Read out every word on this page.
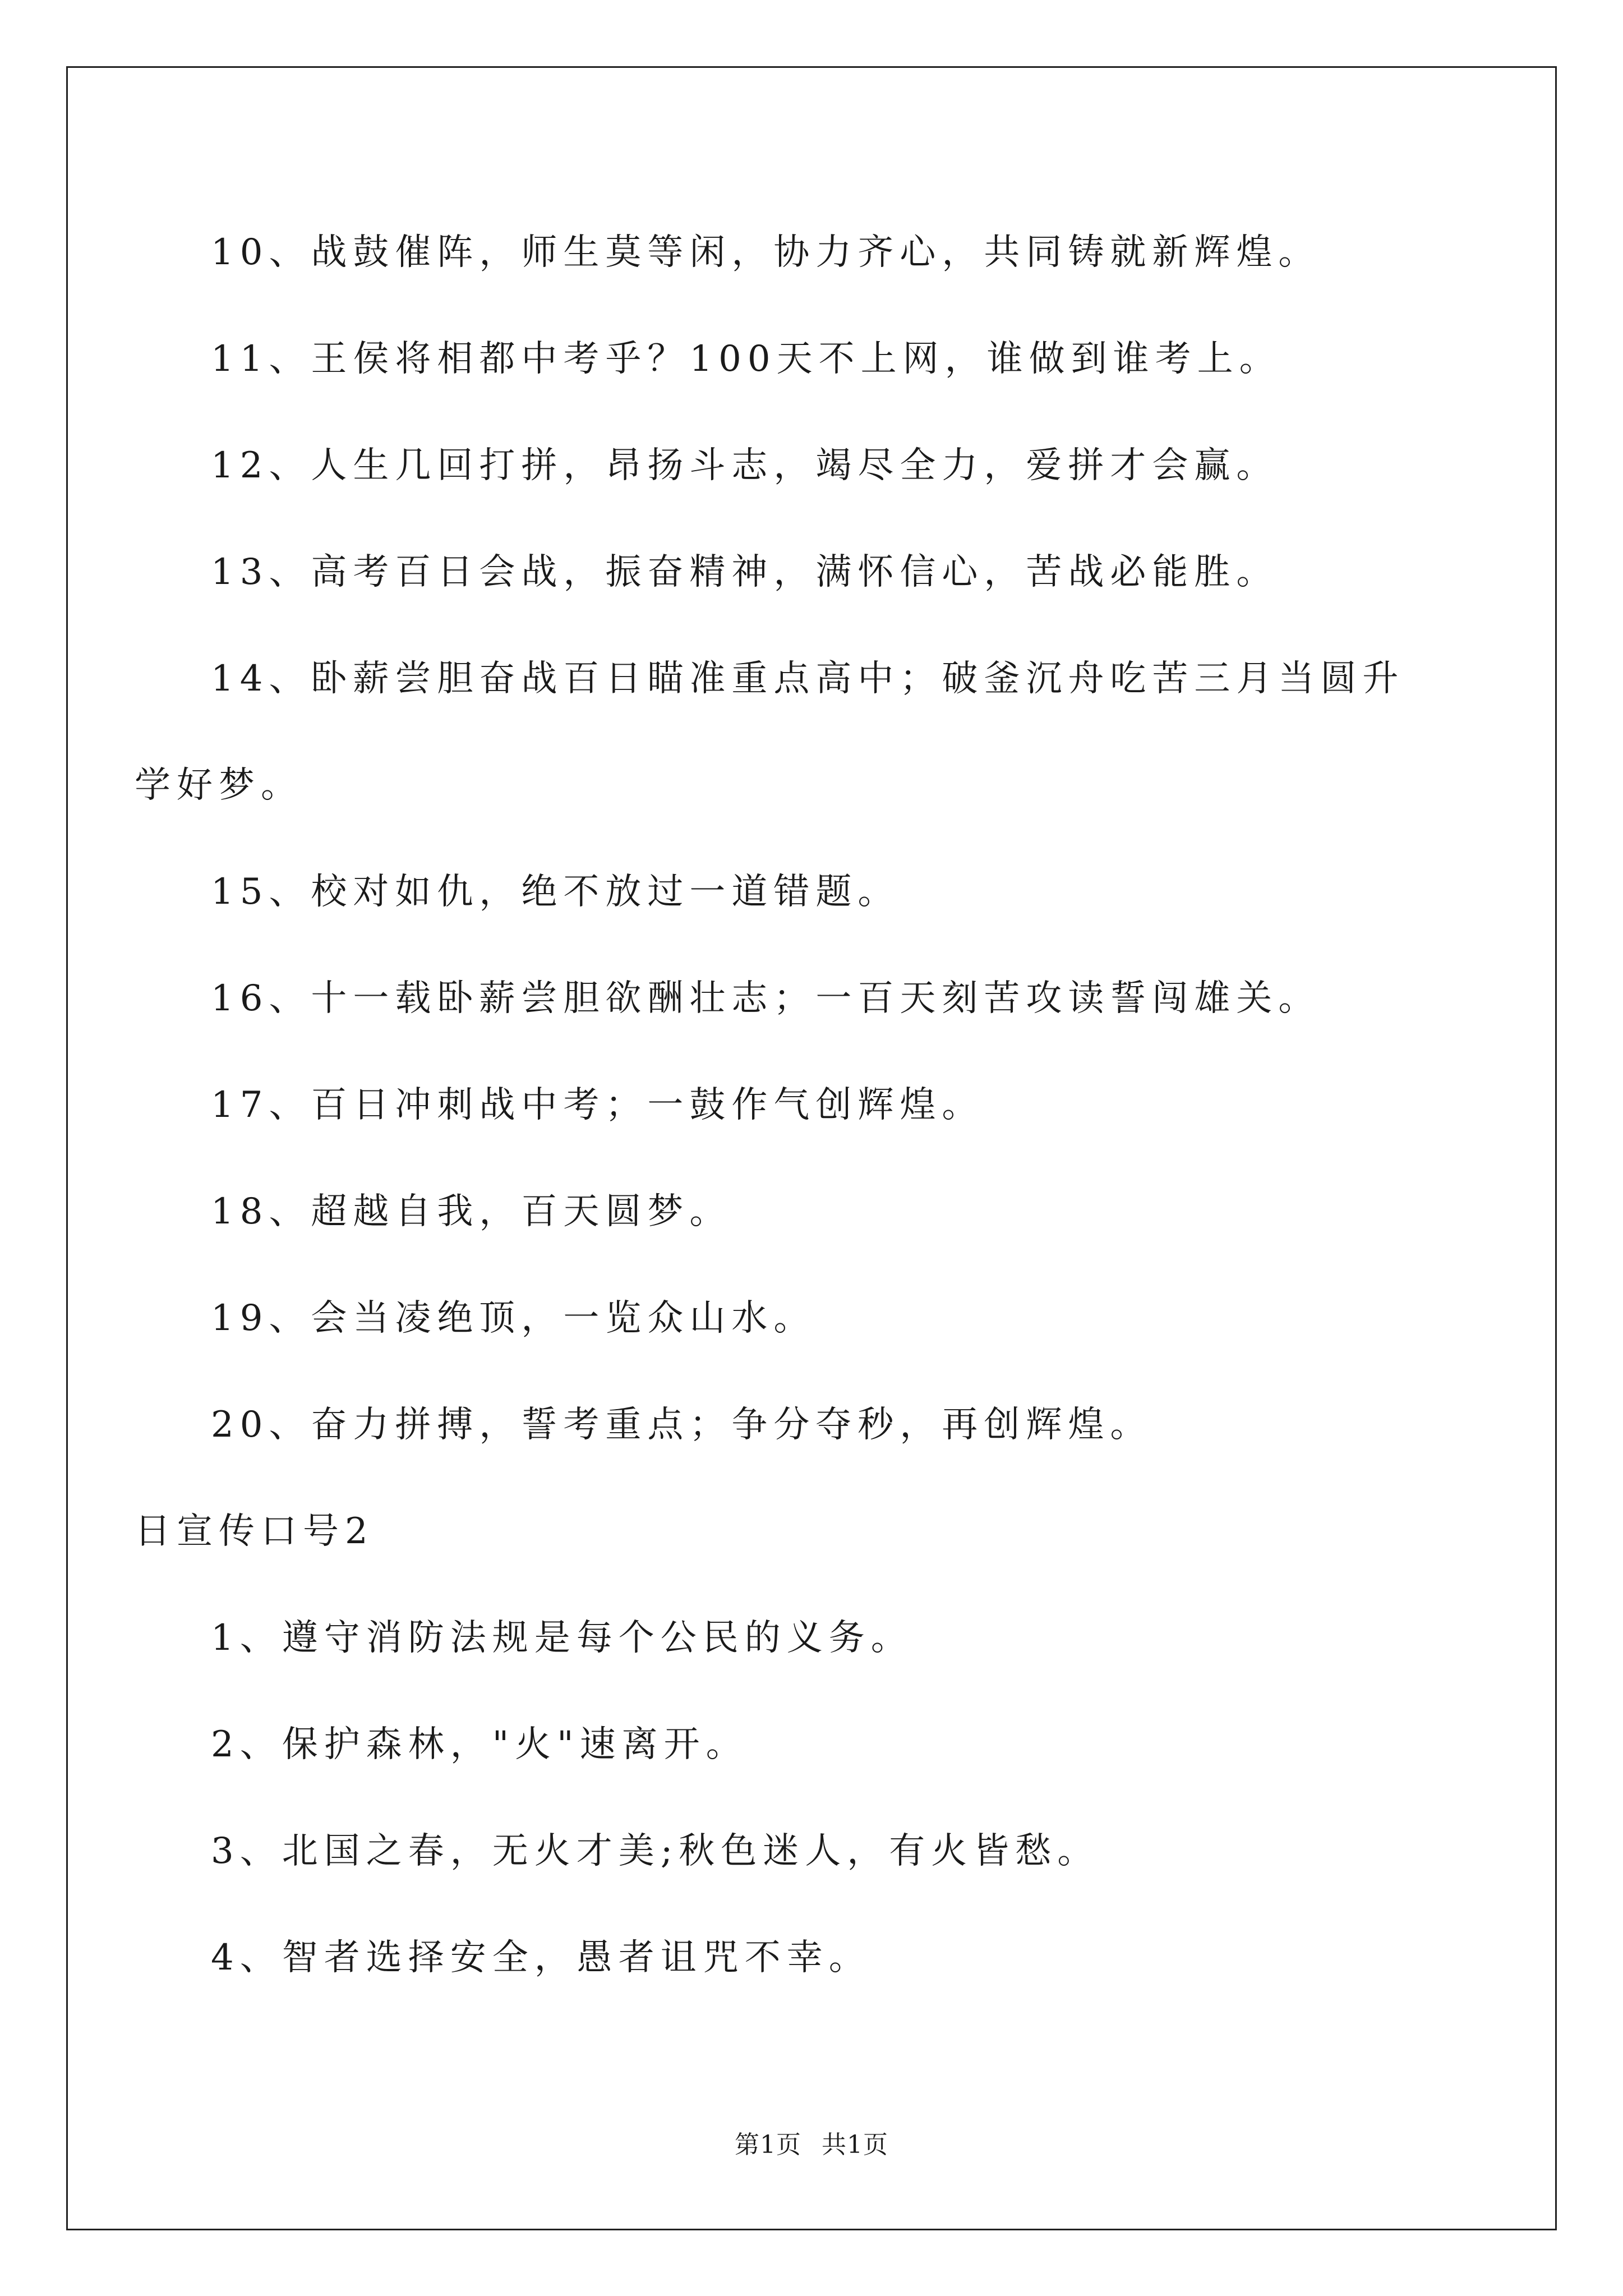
10、战鼓催阵，师生莫等闲，协力齐心，共同铸就新辉煌。
11、王侯将相都中考乎？100天不上网，谁做到谁考上。
12、人生几回打拼，昂扬斗志，竭尽全力，爱拼才会赢。
13、高考百日会战，振奋精神，满怀信心，苦战必能胜。
14、卧薪尝胆奋战百日瞄准重点高中；破釜沉舟吃苦三月当圆升
学好梦。
15、校对如仇，绝不放过一道错题。
16、十一载卧薪尝胆欲酬壮志；一百天刻苦攻读誓闯雄关。
17、百日冲刺战中考；一鼓作气创辉煌。
18、超越自我，百天圆梦。
19、会当凌绝顶，一览众山水。
20、奋力拼搏，誓考重点；争分夺秒，再创辉煌。
日宣传口号2
1、遵守消防法规是每个公民的义务。
2、保护森林，"火"速离开。
3、北国之春，无火才美;秋色迷人，有火皆愁。
4、智者选择安全，愚者诅咒不幸。
第1页 共1页
